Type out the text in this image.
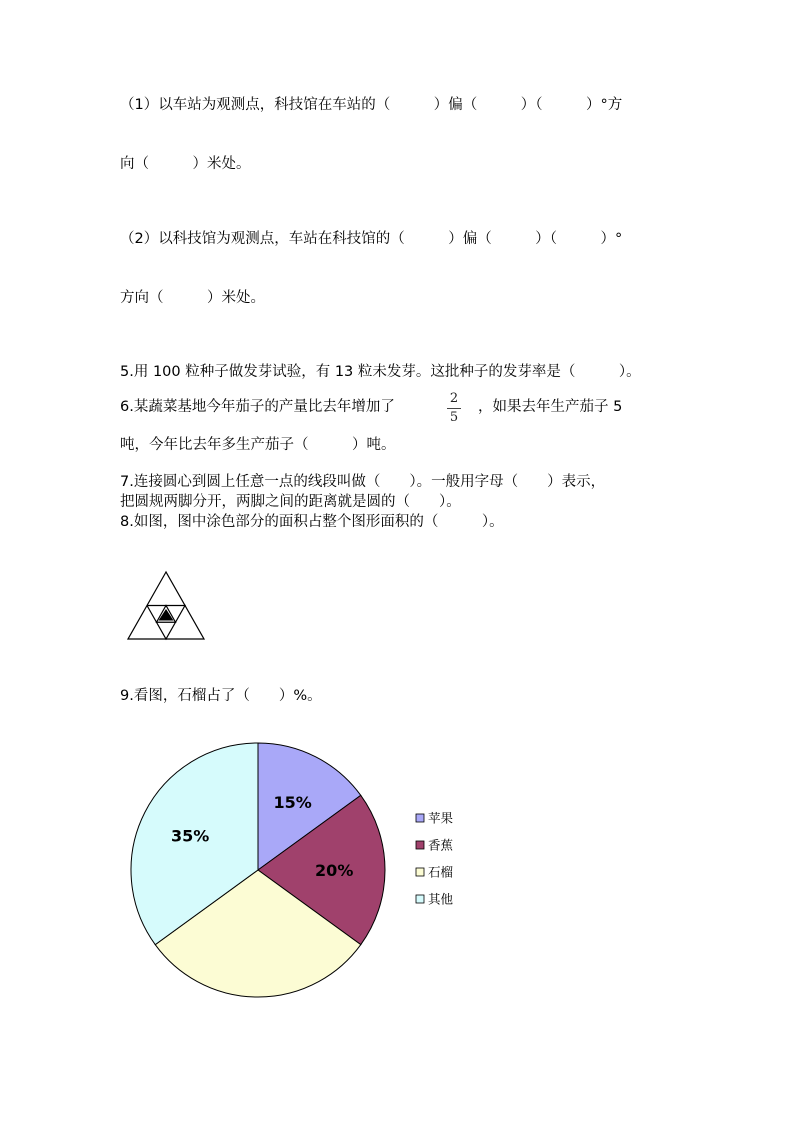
（1）以车站为观测点，科技馆在车站的（　　　）偏（　　　）（　　　）°方
向（　　　）米处。
（2）以科技馆为观测点，车站在科技馆的（　　　）偏（　　　）（　　　）°
方向（　　　）米处。
5.用 100 粒种子做发芽试验，有 13 粒未发芽。这批种子的发芽率是（　　　）。
6.某蔬菜基地今年茄子的产量比去年增加了
2
5
，如果去年生产茄子 5
吨，今年比去年多生产茄子（　　　）吨。
7.连接圆心到圆上任意一点的线段叫做（　　）。一般用字母（　　）表示，
把圆规两脚分开，两脚之间的距离就是圆的（　　）。
8.如图，图中涂色部分的面积占整个图形面积的（　　　）。
9.看图，石榴占了（　　）%。
15%
20%
35%
苹果
香蕉
石榴
其他
